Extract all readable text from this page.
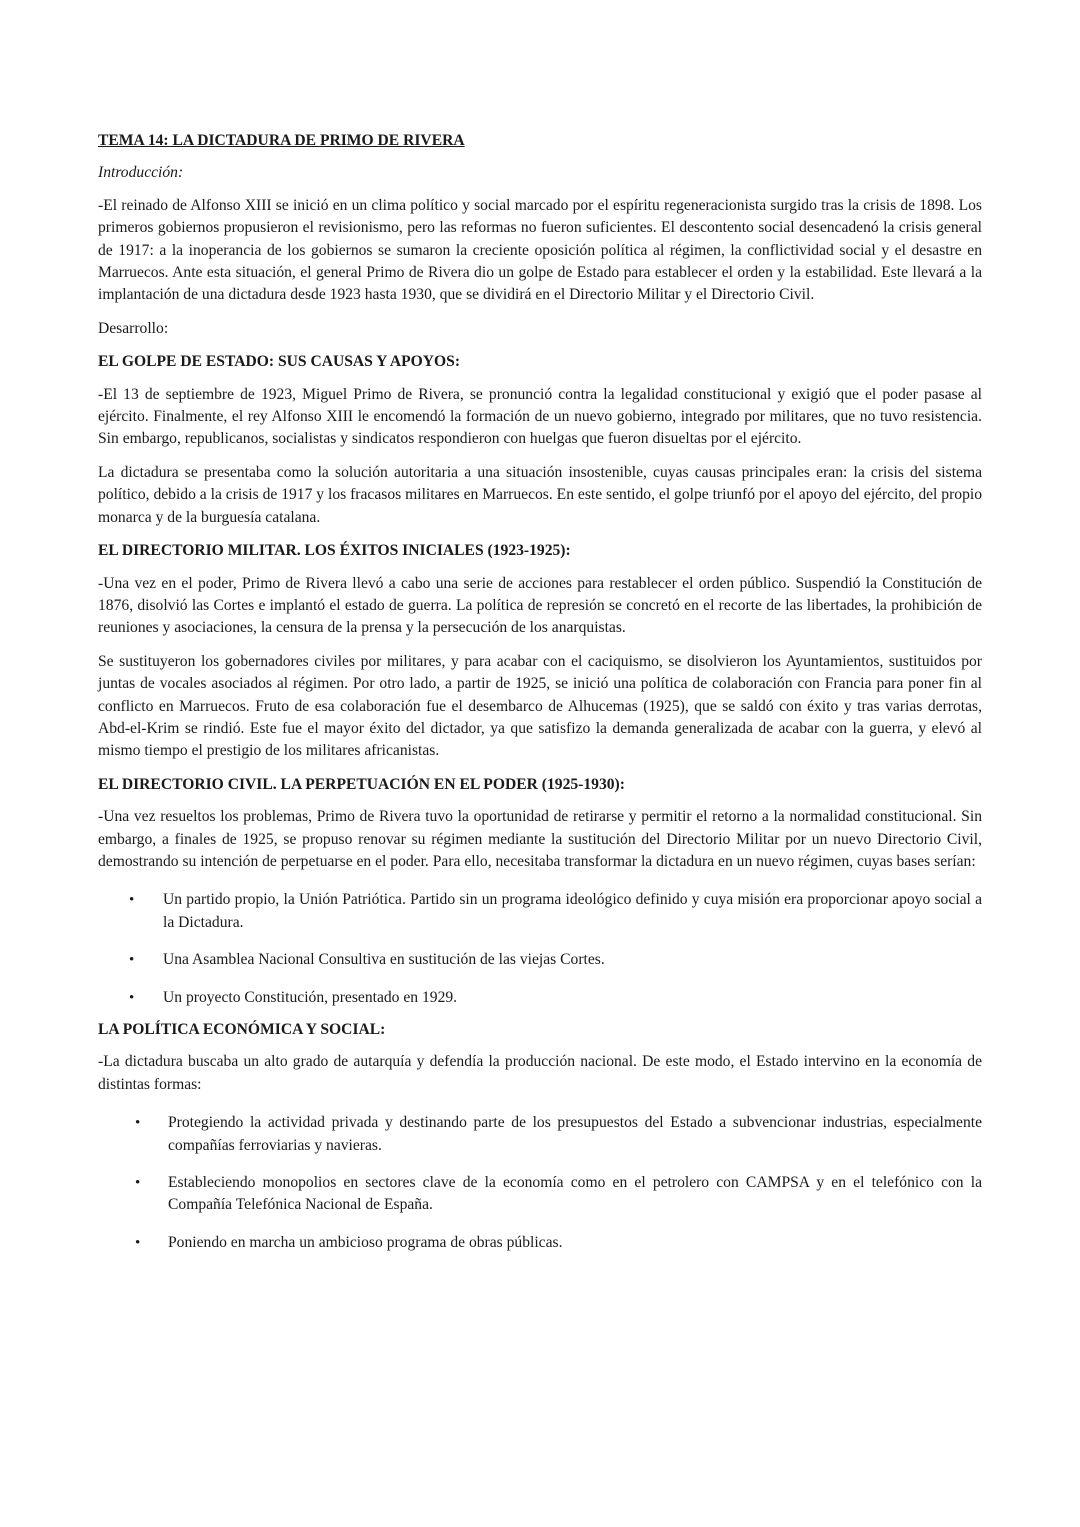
TEMA 14: LA DICTADURA DE PRIMO DE RIVERA
Introducción:

-El reinado de Alfonso XIII se inició en un clima político y social marcado por el espíritu regeneracionista surgido tras la crisis de 1898. Los primeros gobiernos propusieron el revisionismo, pero las reformas no fueron suficientes. El descontento social desencadenó la crisis general de 1917: a la inoperancia de los gobiernos se sumaron la creciente oposición política al régimen, la conflictividad social y el desastre en Marruecos. Ante esta situación, el general Primo de Rivera dio un golpe de Estado para establecer el orden y la estabilidad. Este llevará a la implantación de una dictadura desde 1923 hasta 1930, que se dividirá en el Directorio Militar y el Directorio Civil.

Desarrollo:
EL GOLPE DE ESTADO: SUS CAUSAS Y APOYOS:

-El 13 de septiembre de 1923, Miguel Primo de Rivera, se pronunció contra la legalidad constitucional y exigió que el poder pasase al ejército. Finalmente, el rey Alfonso XIII le encomendó la formación de un nuevo gobierno, integrado por militares, que no tuvo resistencia. Sin embargo, republicanos, socialistas y sindicatos respondieron con huelgas que fueron disueltas por el ejército.

La dictadura se presentaba como la solución autoritaria a una situación insostenible, cuyas causas principales eran: la crisis del sistema político, debido a la crisis de 1917 y los fracasos militares en Marruecos. En este sentido, el golpe triunfó por el apoyo del ejército, del propio monarca y de la burguesía catalana.

EL DIRECTORIO MILITAR. LOS ÉXITOS INICIALES (1923-1925):

-Una vez en el poder, Primo de Rivera llevó a cabo una serie de acciones para restablecer el orden público. Suspendió la Constitución de 1876, disolvió las Cortes e implantó el estado de guerra. La política de represión se concretó en el recorte de las libertades, la prohibición de reuniones y asociaciones, la censura de la prensa y la persecución de los anarquistas.

Se sustituyeron los gobernadores civiles por militares, y para acabar con el caciquismo, se disolvieron los Ayuntamientos, sustituidos por juntas de vocales asociados al régimen. Por otro lado, a partir de 1925, se inició una política de colaboración con Francia para poner fin al conflicto en Marruecos. Fruto de esa colaboración fue el desembarco de Alhucemas (1925), que se saldó con éxito y tras varias derrotas, Abd-el-Krim se rindió. Este fue el mayor éxito del dictador, ya que satisfizo la demanda generalizada de acabar con la guerra, y elevó al mismo tiempo el prestigio de los militares africanistas.

EL DIRECTORIO CIVIL. LA PERPETUACIÓN EN EL PODER (1925-1930):

-Una vez resueltos los problemas, Primo de Rivera tuvo la oportunidad de retirarse y permitir el retorno a la normalidad constitucional. Sin embargo, a finales de 1925, se propuso renovar su régimen mediante la sustitución del Directorio Militar por un nuevo Directorio Civil, demostrando su intención de perpetuarse en el poder. Para ello, necesitaba transformar la dictadura en un nuevo régimen, cuyas bases serían:

• Un partido propio, la Unión Patriótica. Partido sin un programa ideológico definido y cuya misión era proporcionar apoyo social a la Dictadura.
• Una Asamblea Nacional Consultiva en sustitución de las viejas Cortes.
• Un proyecto Constitución, presentado en 1929.
LA POLÍTICA ECONÓMICA Y SOCIAL:

-La dictadura buscaba un alto grado de autarquía y defendía la producción nacional. De este modo, el Estado intervino en la economía de distintas formas:

• Protegiendo la actividad privada y destinando parte de los presupuestos del Estado a subvencionar industrias, especialmente compañías ferroviarias y navieras.
• Estableciendo monopolios en sectores clave de la economía como en el petrolero con CAMPSA y en el telefónico con la Compañía Telefónica Nacional de España.
• Poniendo en marcha un ambicioso programa de obras públicas.
